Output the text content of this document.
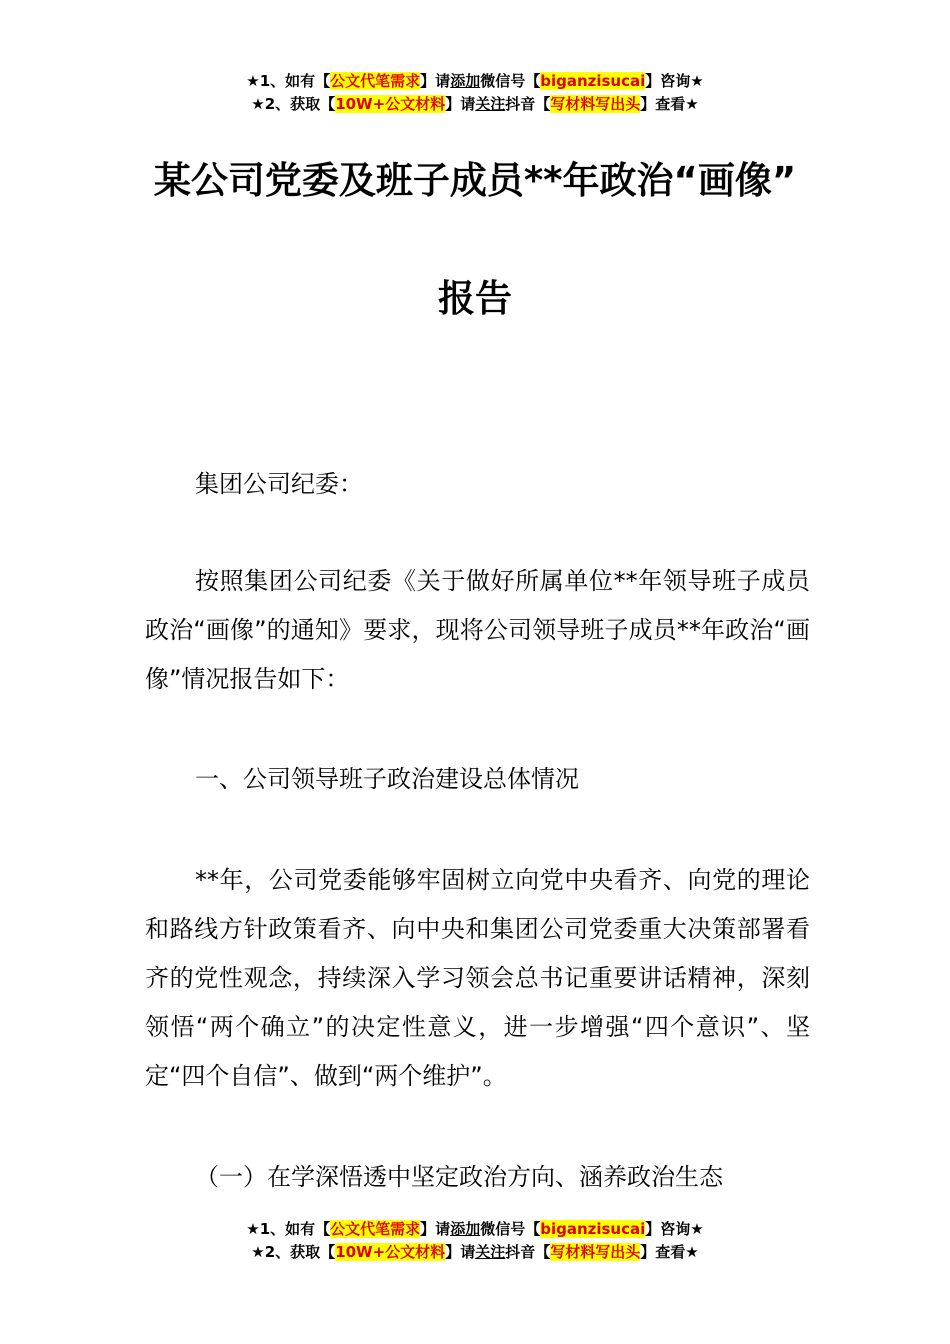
★1、如有【公文代笔需求】请添加微信号【biganzisucai】咨询★
★2、获取【10W+公文材料】请关注抖音【写材料写出头】查看★
某公司党委及班子成员**年政治“画像”
报告
集团公司纪委：
按照集团公司纪委《关于做好所属单位**年领导班子成员政治“画像”的通知》要求，现将公司领导班子成员**年政治“画像”情况报告如下：
一、公司领导班子政治建设总体情况
**年，公司党委能够牢固树立向党中央看齐、向党的理论和路线方针政策看齐、向中央和集团公司党委重大决策部署看齐的党性观念，持续深入学习领会总书记重要讲话精神，深刻领悟“两个确立”的决定性意义，进一步增强“四个意识”、坚定“四个自信”、做到“两个维护”。
（一）在学深悟透中坚定政治方向、涵养政治生态
★1、如有【公文代笔需求】请添加微信号【biganzisucai】咨询★
★2、获取【10W+公文材料】请关注抖音【写材料写出头】查看★
